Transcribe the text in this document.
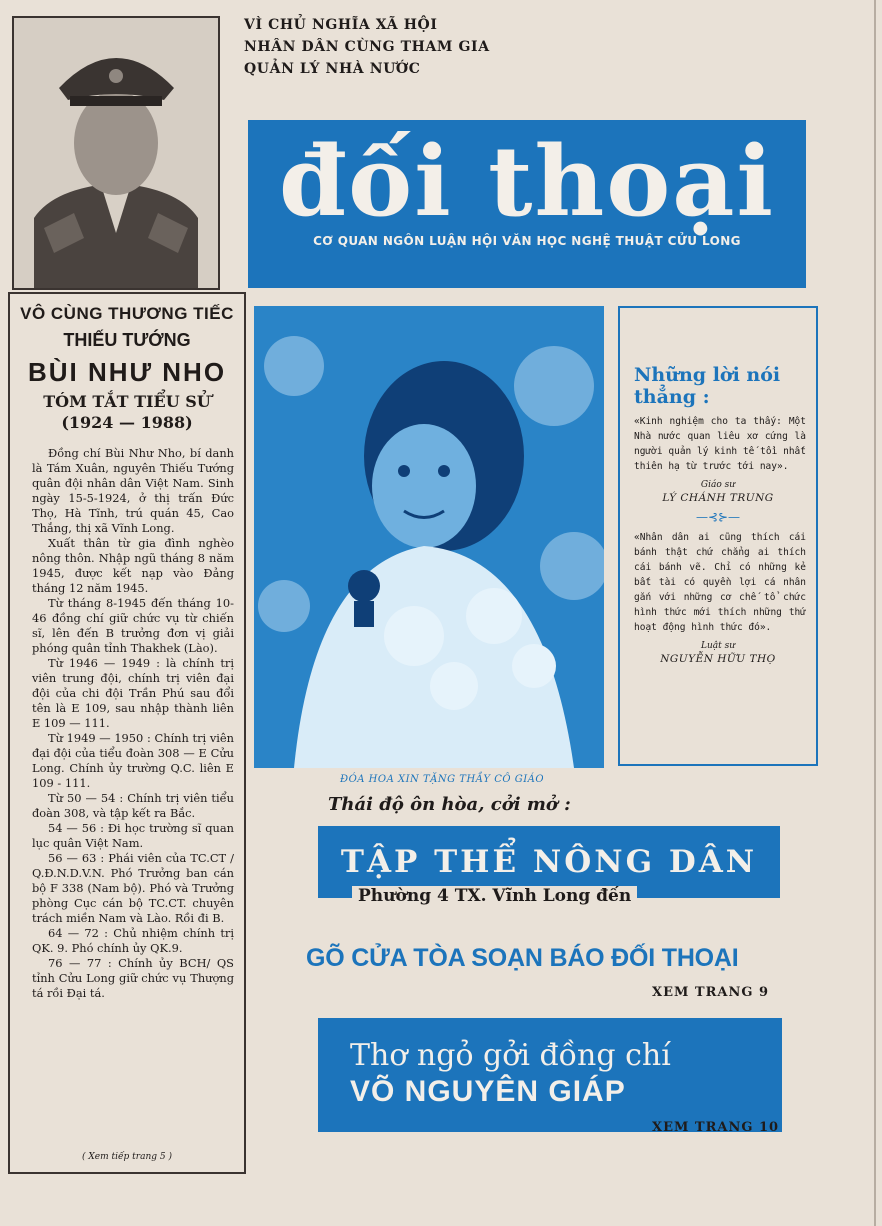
VÔ CÙNG THƯƠNG TIẾC
THIẾU TƯỚNG
BÙI NHƯ NHO
TÓM TẮT TIỂU SỬ
(1924 — 1988)

Đồng chí Bùi Như Nho, bí danh là Tám Xuân, nguyên Thiếu Tướng quân đội nhân dân Việt Nam. Sinh ngày 15-5-1924, ở thị trấn Đức Thọ, Hà Tĩnh, trú quán 45, Cao Thắng, thị xã Vĩnh Long.

Xuất thân từ gia đình nghèo nông thôn. Nhập ngũ tháng 8 năm 1945, được kết nạp vào Đảng tháng 12 năm 1945.

Từ tháng 8-1945 đến tháng 10-46 đồng chí giữ chức vụ từ chiến sĩ, lên đến B trưởng đơn vị giải phóng quân tỉnh Thakhek (Lào).

Từ 1946 — 1949 : là chính trị viên trung đội, chính trị viên đại đội của chi đội Trần Phú sau đổi tên là E 109, sau nhập thành liên E 109 — 111.

Từ 1949 — 1950 : Chính trị viên đại đội của tiểu đoàn 308 — E Cửu Long. Chính ủy trường Q.C. liên E 109 - 111.

Từ 50 — 54 : Chính trị viên tiểu đoàn 308, và tập kết ra Bắc.

54 — 56 : Đi học trường sĩ quan lục quân Việt Nam.

56 — 63 : Phái viên của TC.CT / Q.Đ.N.D.V.N. Phó Trưởng ban cán bộ F 338 (Nam bộ). Phó và Trưởng phòng Cục cán bộ TC.CT. chuyên trách miền Nam và Lào. Rồi đi B.

64 — 72 : Chủ nhiệm chính trị QK. 9. Phó chính ủy QK.9.

76 — 77 : Chính ủy BCH/ QS tỉnh Cửu Long giữ chức vụ Thượng tá rồi Đại tá.

( Xem tiếp trang 5 )
VÌ CHỦ NGHĨA XÃ HỘI
NHÂN DÂN CÙNG THAM GIA
QUẢN LÝ NHÀ NƯỚC
đối thoại
CƠ QUAN NGÔN LUẬN HỘI VĂN HỌC NGHỆ THUẬT CỬU LONG
ĐÓA HOA XIN TẶNG THẦY CÔ GIÁO
Những lời nói thẳng :
«Kinh nghiệm cho ta thấy: Một Nhà nước quan liêu xơ cứng là người quản lý kinh tế tồi nhất thiên hạ từ trước tới nay».
Giáo sư
LÝ CHÁNH TRUNG
—⊰⊱—
«Nhân dân ai cũng thích cái bánh thật chứ chẳng ai thích cái bánh vẽ. Chỉ có những kẻ bất tài có quyền lợi cá nhân gắn với những cơ chế tổ chức hình thức mới thích những thứ hoạt động hình thức đó».
Luật sư
NGUYỄN HỮU THỌ
Thái độ ôn hòa, cởi mở :
TẬP THỂ NÔNG DÂN
Phường 4 TX. Vĩnh Long đến
GÕ CỬA TÒA SOẠN BÁO ĐỐI THOẠI
XEM TRANG 9
Thơ ngỏ gởi đồng chí
VÕ NGUYÊN GIÁP
XEM TRANG 10
